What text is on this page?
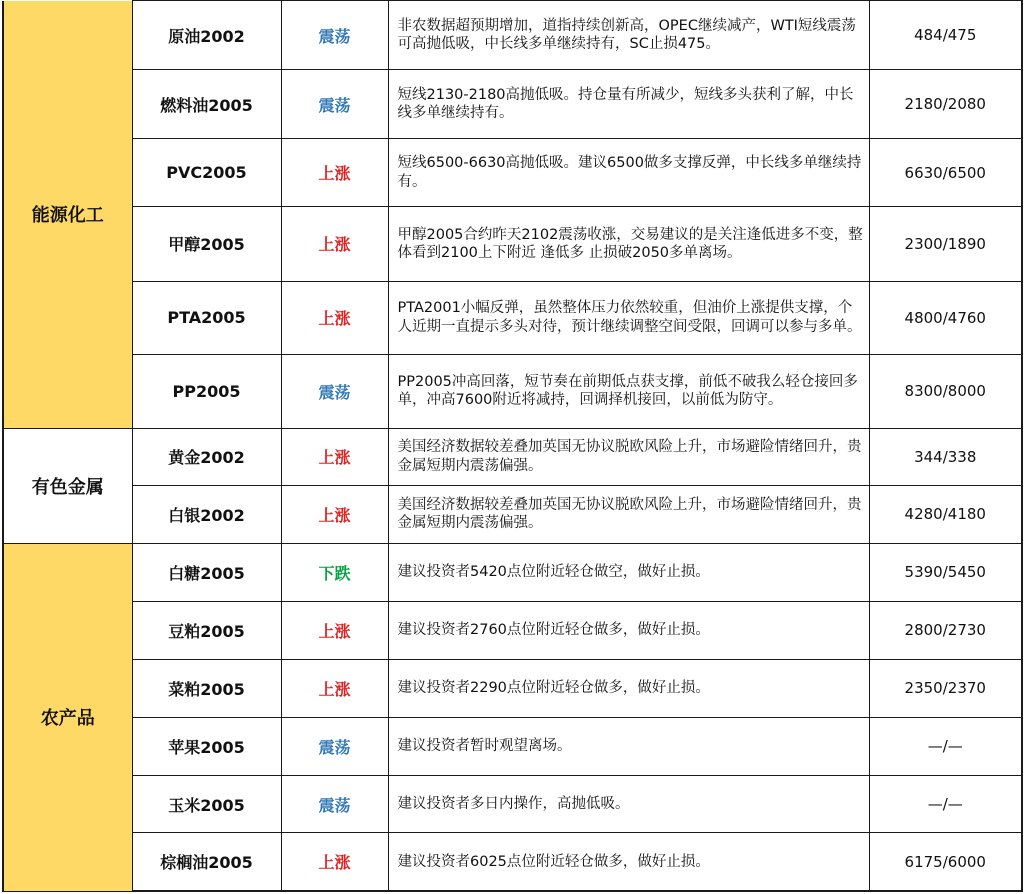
能源化工	原油2002	震荡	非农数据超预期增加，道指持续创新高，OPEC继续减产，WTI短线震荡可高抛低吸，中长线多单继续持有，SC止损475。	484/475
	燃料油2005	震荡	短线2130-2180高抛低吸。持仓量有所减少，短线多头获利了解，中长线多单继续持有。	2180/2080
	PVC2005	上涨	短线6500-6630高抛低吸。建议6500做多支撑反弹，中长线多单继续持有。	6630/6500
	甲醇2005	上涨	甲醇2005合约昨天2102震荡收涨，交易建议的是关注逢低进多不变，整体看到2100上下附近 逢低多 止损破2050多单离场。	2300/1890
	PTA2005	上涨	PTA2001小幅反弹，虽然整体压力依然较重，但油价上涨提供支撑，个人近期一直提示多头对待，预计继续调整空间受限，回调可以参与多单。	4800/4760
	PP2005	震荡	PP2005冲高回落，短节奏在前期低点获支撑，前低不破我么轻仓接回多单，冲高7600附近将减持，回调择机接回，以前低为防守。	8300/8000
有色金属	黄金2002	上涨	美国经济数据较差叠加英国无协议脱欧风险上升，市场避险情绪回升，贵金属短期内震荡偏强。	344/338
	白银2002	上涨	美国经济数据较差叠加英国无协议脱欧风险上升，市场避险情绪回升，贵金属短期内震荡偏强。	4280/4180
农产品	白糖2005	下跌	建议投资者5420点位附近轻仓做空，做好止损。	5390/5450
	豆粕2005	上涨	建议投资者2760点位附近轻仓做多，做好止损。	2800/2730
	菜粕2005	上涨	建议投资者2290点位附近轻仓做多，做好止损。	2350/2370
	苹果2005	震荡	建议投资者暂时观望离场。	—/—
	玉米2005	震荡	建议投资者多日内操作，高抛低吸。	—/—
	棕榈油2005	上涨	建议投资者6025点位附近轻仓做多，做好止损。	6175/6000
